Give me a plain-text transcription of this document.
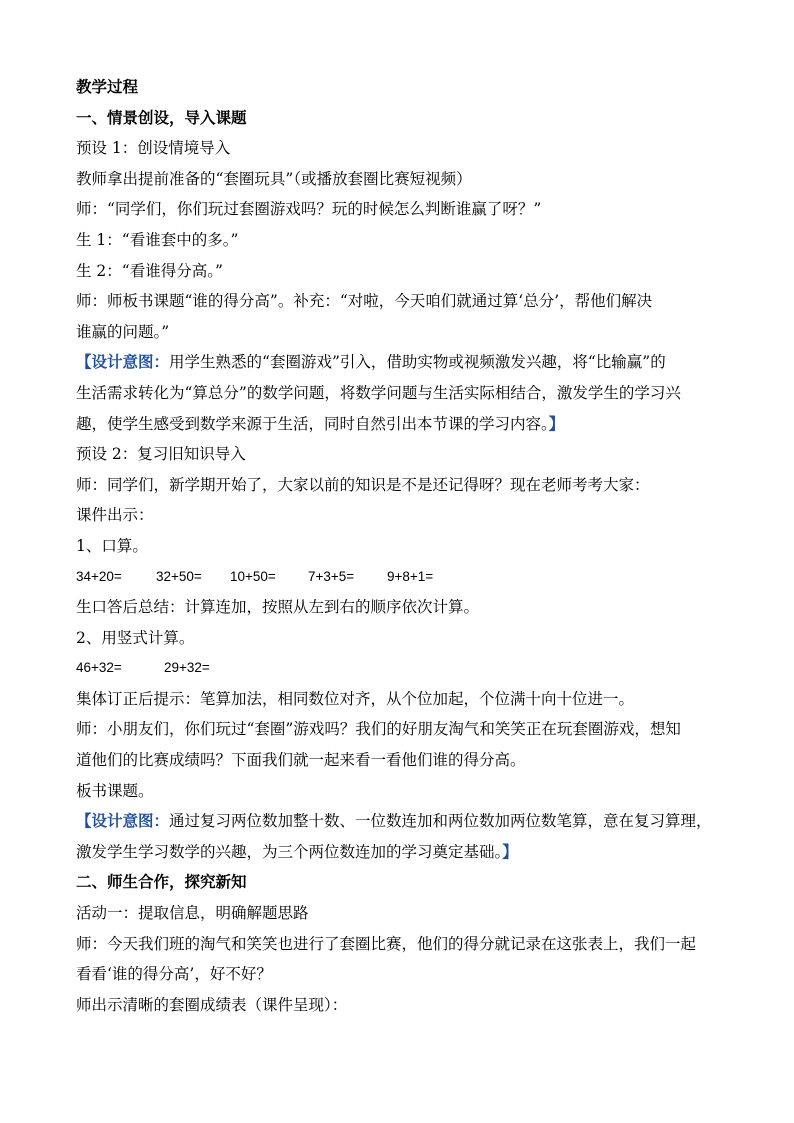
教学过程
一、情景创设，导入课题
预设 1：创设情境导入
教师拿出提前准备的“套圈玩具”（或播放套圈比赛短视频）
师：“同学们，你们玩过套圈游戏吗？玩的时候怎么判断谁赢了呀？”
生 1：“看谁套中的多。”
生 2：“看谁得分高。”
师：师板书课题“谁的得分高”。补充：“对啦，今天咱们就通过算‘总分’，帮他们解决
谁赢的问题。”
【设计意图：用学生熟悉的“套圈游戏”引入，借助实物或视频激发兴趣，将“比输赢”的
生活需求转化为“算总分”的数学问题，将数学问题与生活实际相结合，激发学生的学习兴
趣，使学生感受到数学来源于生活，同时自然引出本节课的学习内容。】
预设 2：复习旧知识导入
师：同学们，新学期开始了，大家以前的知识是不是还记得呀？现在老师考考大家：
课件出示：
1、口算。
34+20=	32+50= 10+50= 7+3+5= 9+8+1=
生口答后总结：计算连加，按照从左到右的顺序依次计算。
2、用竖式计算。
46+32=	29+32=
集体订正后提示：笔算加法，相同数位对齐，从个位加起，个位满十向十位进一。
师：小朋友们，你们玩过“套圈”游戏吗？我们的好朋友淘气和笑笑正在玩套圈游戏，想知
道他们的比赛成绩吗？下面我们就一起来看一看他们谁的得分高。
板书课题。
【设计意图：通过复习两位数加整十数、一位数连加和两位数加两位数笔算，意在复习算理，
激发学生学习数学的兴趣，为三个两位数连加的学习奠定基础。】
二、师生合作，探究新知
活动一：提取信息，明确解题思路
师：今天我们班的淘气和笑笑也进行了套圈比赛，他们的得分就记录在这张表上，我们一起
看看‘谁的得分高’，好不好？
师出示清晰的套圈成绩表（课件呈现）：
